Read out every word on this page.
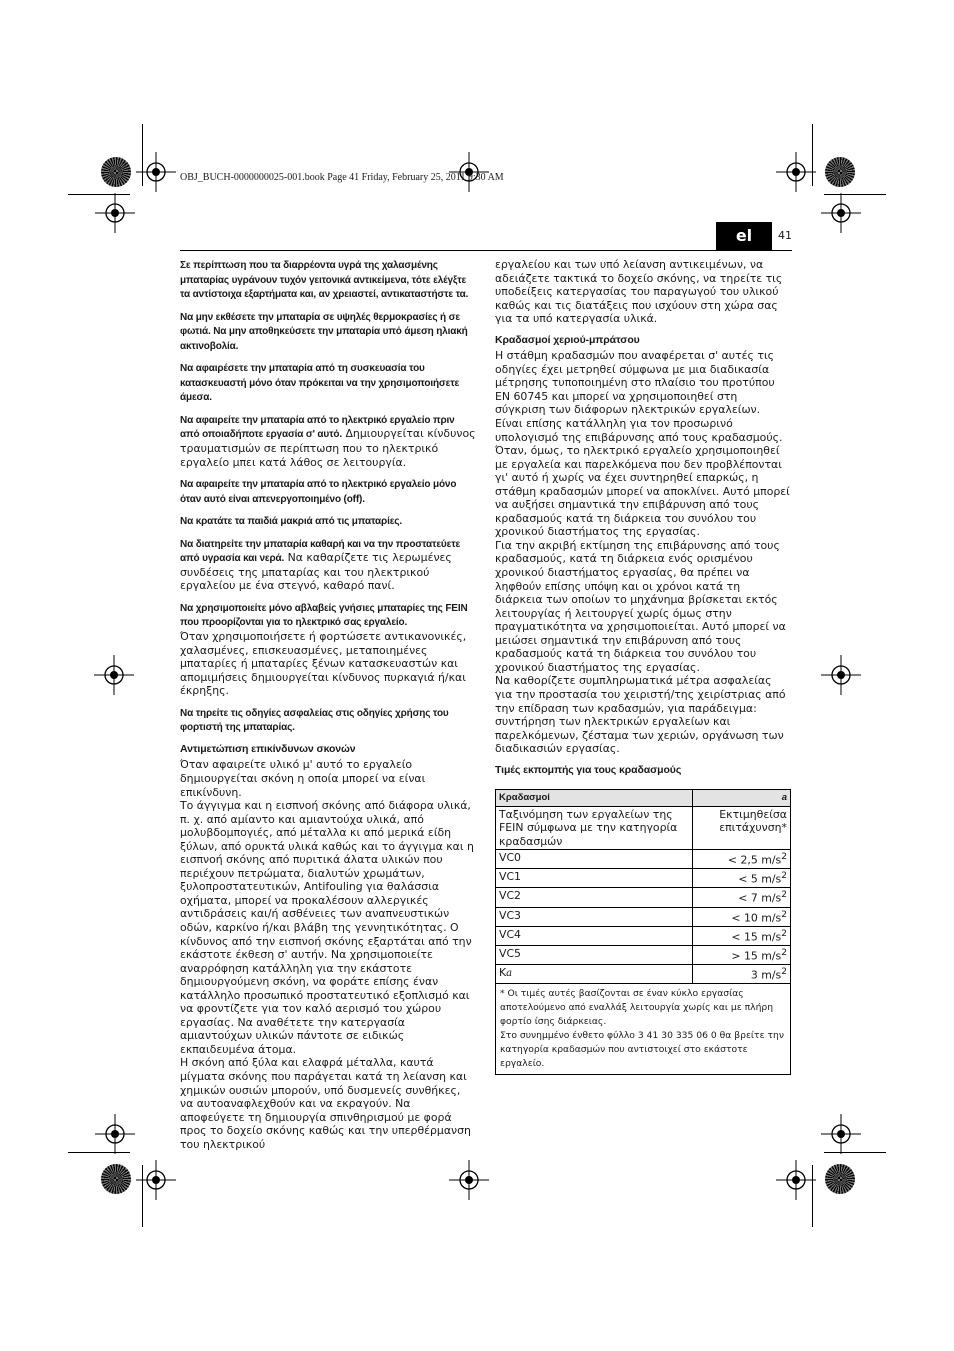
OBJ_BUCH-0000000025-001.book Page 41 Friday, February 25, 2011 9:30 AM
el	41

Σε περίπτωση που τα διαρρέοντα υγρά της χαλασμένης μπαταρίας υγράνουν τυχόν γειτονικά αντικείμενα, τότε ελέγξτε τα αντίστοιχα εξαρτήματα και, αν χρειαστεί, αντικαταστήστε τα.

Να μην εκθέσετε την μπαταρία σε υψηλές θερμοκρασίες ή σε φωτιά. Να μην αποθηκεύσετε την μπαταρία υπό άμεση ηλιακή ακτινοβολία.

Να αφαιρέσετε την μπαταρία από τη συσκευασία του κατασκευαστή μόνο όταν πρόκειται να την χρησιμοποιήσετε άμεσα.

Να αφαιρείτε την μπαταρία από το ηλεκτρικό εργαλείο πριν από οποιαδήποτε εργασία σ' αυτό. Δημιουργείται κίνδυνος τραυματισμών σε περίπτωση που το ηλεκτρικό εργαλείο μπει κατά λάθος σε λειτουργία.

Να αφαιρείτε την μπαταρία από το ηλεκτρικό εργαλείο μόνο όταν αυτό είναι απενεργοποιημένο (off).

Να κρατάτε τα παιδιά μακριά από τις μπαταρίες.

Να διατηρείτε την μπαταρία καθαρή και να την προστατεύετε από υγρασία και νερά. Να καθαρίζετε τις λερωμένες συνδέσεις της μπαταρίας και του ηλεκτρικού εργαλείου με ένα στεγνό, καθαρό πανί.

Να χρησιμοποιείτε μόνο αβλαβείς γνήσιες μπαταρίες της FEIN που προορίζονται για το ηλεκτρικό σας εργαλείο.
Όταν χρησιμοποιήσετε ή φορτώσετε αντικανονικές, χαλασμένες, επισκευασμένες, μεταποιημένες μπαταρίες ή μπαταρίες ξένων κατασκευαστών και απομιμήσεις δημιουργείται κίνδυνος πυρκαγιά ή/και έκρηξης.

Να τηρείτε τις οδηγίες ασφαλείας στις οδηγίες χρήσης του φορτιστή της μπαταρίας.

Αντιμετώπιση επικίνδυνων σκονών

Όταν αφαιρείτε υλικό μ' αυτό το εργαλείο δημιουργείται σκόνη η οποία μπορεί να είναι επικίνδυνη.

Το άγγιγμα και η εισπνοή σκόνης από διάφορα υλικά, π. χ. από αμίαντο και αμιαντούχα υλικά, από μολυβδομπογιές, από μέταλλα κι από μερικά είδη ξύλων, από ορυκτά υλικά καθώς και το άγγιγμα και η εισπνοή σκόνης από πυριτικά άλατα υλικών που περιέχουν πετρώματα, διαλυτών χρωμάτων, ξυλοπροστατευτικών, Antifouling για θαλάσσια οχήματα, μπορεί να προκαλέσουν αλλεργικές αντιδράσεις και/ή ασθένειες των αναπνευστικών οδών, καρκίνο ή/και βλάβη της γεννητικότητας. Ο κίνδυνος από την εισπνοή σκόνης εξαρτάται από την εκάστοτε έκθεση σ' αυτήν. Να χρησιμοποιείτε αναρρόφηση κατάλληλη για την εκάστοτε δημιουργούμενη σκόνη, να φοράτε επίσης έναν κατάλληλο προσωπικό προστατευτικό εξοπλισμό και να φροντίζετε για τον καλό αερισμό του χώρου εργασίας. Να αναθέτετε την κατεργασία αμιαντούχων υλικών πάντοτε σε ειδικώς εκπαιδευμένα άτομα.

Η σκόνη από ξύλα και ελαφρά μέταλλα, καυτά μίγματα σκόνης που παράγεται κατά τη λείανση και χημικών ουσιών μπορούν, υπό δυσμενείς συνθήκες, να αυτοαναφλεχθούν και να εκραγούν. Να αποφεύγετε τη δημιουργία σπινθηρισμού με φορά προς το δοχείο σκόνης καθώς και την υπερθέρμανση του ηλεκτρικού

εργαλείου και των υπό λείανση αντικειμένων, να αδειάζετε τακτικά το δοχείο σκόνης, να τηρείτε τις υποδείξεις κατεργασίας του παραγωγού του υλικού καθώς και τις διατάξεις που ισχύουν στη χώρα σας για τα υπό κατεργασία υλικά.

Κραδασμοί χεριού-μπράτσου

Η στάθμη κραδασμών που αναφέρεται σ' αυτές τις οδηγίες έχει μετρηθεί σύμφωνα με μια διαδικασία μέτρησης τυποποιημένη στο πλαίσιο του προτύπου EN 60745 και μπορεί να χρησιμοποιηθεί στη σύγκριση των διάφορων ηλεκτρικών εργαλείων. Είναι επίσης κατάλληλη για τον προσωρινό υπολογισμό της επιβάρυνσης από τους κραδασμούς.

Όταν, όμως, το ηλεκτρικό εργαλείο χρησιμοποιηθεί με εργαλεία και παρελκόμενα που δεν προβλέπονται γι' αυτό ή χωρίς να έχει συντηρηθεί επαρκώς, η στάθμη κραδασμών μπορεί να αποκλίνει. Αυτό μπορεί να αυξήσει σημαντικά την επιβάρυνση από τους κραδασμούς κατά τη διάρκεια του συνόλου του χρονικού διαστήματος της εργασίας.

Για την ακριβή εκτίμηση της επιβάρυνσης από τους κραδασμούς, κατά τη διάρκεια ενός ορισμένου χρονικού διαστήματος εργασίας, θα πρέπει να ληφθούν επίσης υπόψη και οι χρόνοι κατά τη διάρκεια των οποίων το μηχάνημα βρίσκεται εκτός λειτουργίας ή λειτουργεί χωρίς όμως στην πραγματικότητα να χρησιμοποιείται. Αυτό μπορεί να μειώσει σημαντικά την επιβάρυνση από τους κραδασμούς κατά τη διάρκεια του συνόλου του χρονικού διαστήματος της εργασίας.

Να καθορίζετε συμπληρωματικά μέτρα ασφαλείας για την προστασία του χειριστή/της χειρίστριας από την επίδραση των κραδασμών, για παράδειγμα: συντήρηση των ηλεκτρικών εργαλείων και παρελκόμενων, ζέσταμα των χεριών, οργάνωση των διαδικασιών εργασίας.

Τιμές εκπομπής για τους κραδασμούς
Κραδασμοί	a
Ταξινόμηση των εργαλείων της FEIN σύμφωνα με την κατηγορία κραδασμών	Εκτιμηθείσα επιτάχυνση*
VC0	< 2,5 $m/s^2$
VC1	< 5 $m/s^2$
VC2	< 7 $m/s^2$
VC3	< 10 $m/s^2$
VC4	< 15 $m/s^2$
VC5	> 15 $m/s^2$
Ka	3 $m/s^2$

* Οι τιμές αυτές βασίζονται σε έναν κύκλο εργασίας αποτελούμενο από εναλλάξ λειτουργία χωρίς και με πλήρη φορτίο ίσης διάρκειας.
Στο συνημμένο ένθετο φύλλο 3 41 30 335 06 0 θα βρείτε την κατηγορία κραδασμών που αντιστοιχεί στο εκάστοτε εργαλείο.	
